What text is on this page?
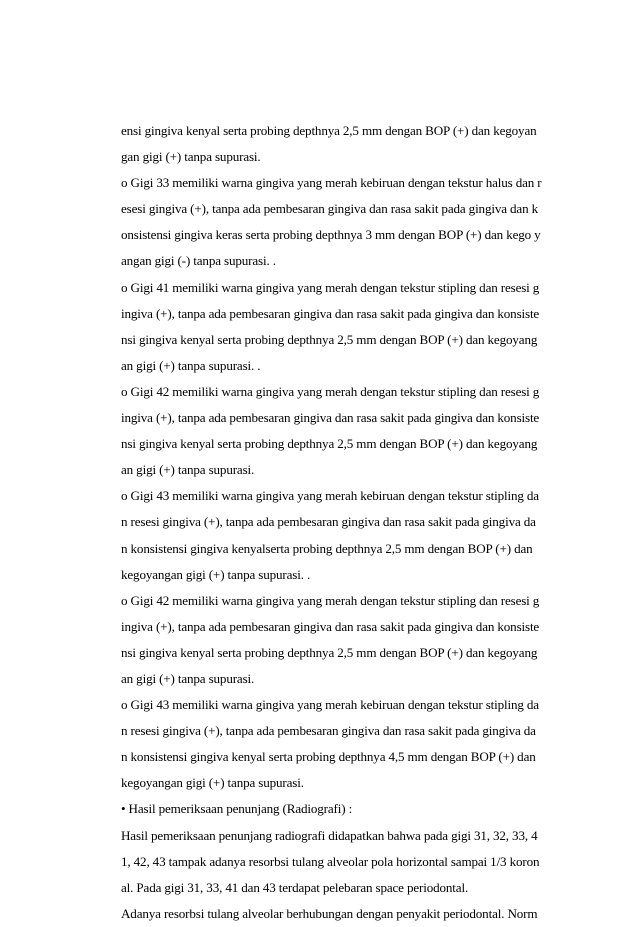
ensi gingiva kenyal serta probing depthnya 2,5 mm dengan BOP (+) dan kegoyan
gan gigi (+) tanpa supurasi.
o Gigi 33 memiliki warna gingiva yang merah kebiruan dengan tekstur halus dan r
esesi gingiva (+), tanpa ada pembesaran gingiva dan rasa sakit pada gingiva dan k
onsistensi gingiva keras serta probing depthnya 3 mm dengan BOP (+) dan kego y
angan gigi (-) tanpa supurasi. .
o Gigi 41 memiliki warna gingiva yang merah dengan tekstur stipling dan resesi g
ingiva (+), tanpa ada pembesaran gingiva dan rasa sakit pada gingiva dan konsiste
nsi gingiva kenyal serta probing depthnya 2,5 mm dengan BOP (+) dan kegoyang
an gigi (+) tanpa supurasi. .
o Gigi 42 memiliki warna gingiva yang merah dengan tekstur stipling dan resesi g
ingiva (+), tanpa ada pembesaran gingiva dan rasa sakit pada gingiva dan konsiste
nsi gingiva kenyal serta probing depthnya 2,5 mm dengan BOP (+) dan kegoyang
an gigi (+) tanpa supurasi.
o Gigi 43 memiliki warna gingiva yang merah kebiruan dengan tekstur stipling da
n resesi gingiva (+), tanpa ada pembesaran gingiva dan rasa sakit pada gingiva da
n konsistensi gingiva kenyalserta probing depthnya 2,5 mm dengan BOP (+) dan
kegoyangan gigi (+) tanpa supurasi. .
o Gigi 42 memiliki warna gingiva yang merah dengan tekstur stipling dan resesi g
ingiva (+), tanpa ada pembesaran gingiva dan rasa sakit pada gingiva dan konsiste
nsi gingiva kenyal serta probing depthnya 2,5 mm dengan BOP (+) dan kegoyang
an gigi (+) tanpa supurasi.
o Gigi 43 memiliki warna gingiva yang merah kebiruan dengan tekstur stipling da
n resesi gingiva (+), tanpa ada pembesaran gingiva dan rasa sakit pada gingiva da
n konsistensi gingiva kenyal serta probing depthnya 4,5 mm dengan BOP (+) dan
kegoyangan gigi (+) tanpa supurasi.
• Hasil pemeriksaan penunjang (Radiografi) :
Hasil pemeriksaan penunjang radiografi didapatkan bahwa pada gigi 31, 32, 33, 4
1, 42, 43 tampak adanya resorbsi tulang alveolar pola horizontal sampai 1/3 koron
al. Pada gigi 31, 33, 41 dan 43 terdapat pelebaran space periodontal.
Adanya resorbsi tulang alveolar berhubungan dengan penyakit periodontal. Norm
